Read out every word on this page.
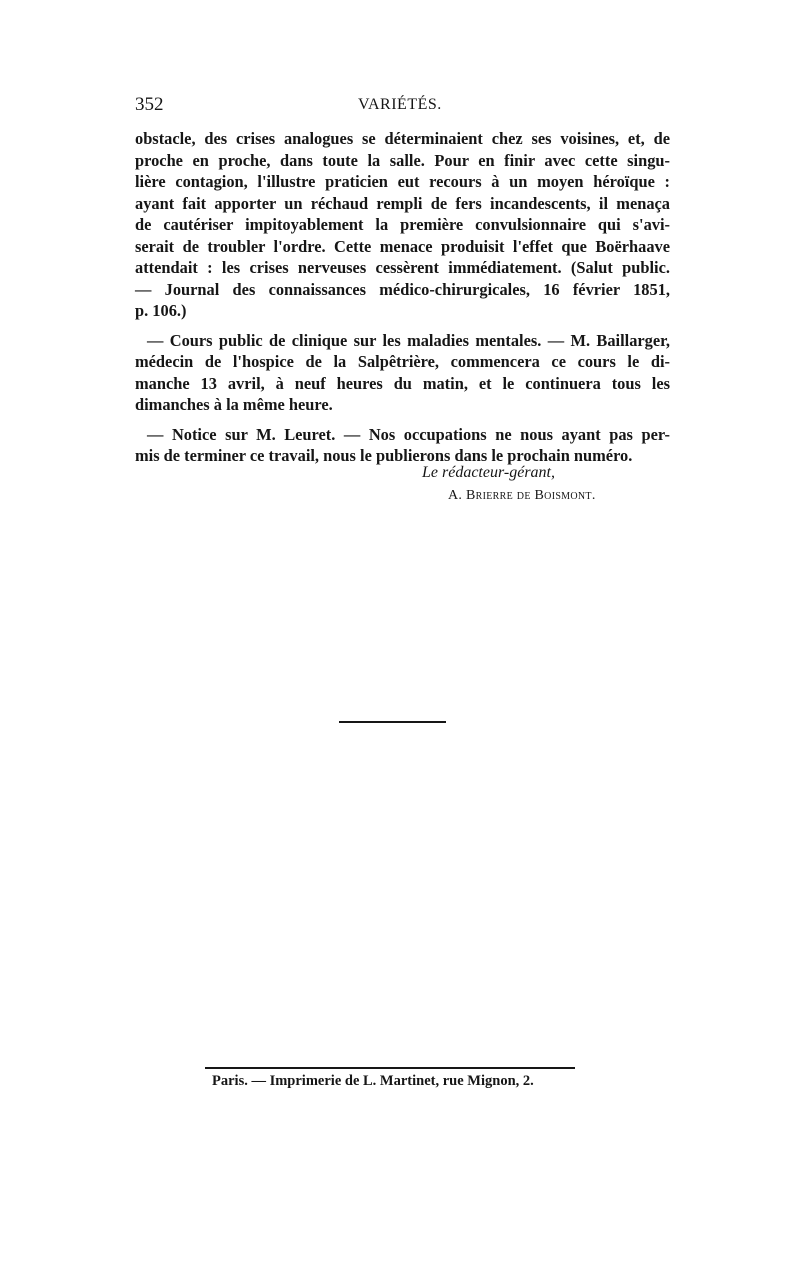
352	VARIÉTÉS.
obstacle, des crises analogues se déterminaient chez ses voisines, et, de
proche en proche, dans toute la salle. Pour en finir avec cette singu-
lière contagion, l'illustre praticien eut recours à un moyen héroïque :
ayant fait apporter un réchaud rempli de fers incandescents, il menaça
de cautériser impitoyablement la première convulsionnaire qui s'avi-
serait de troubler l'ordre. Cette menace produisit l'effet que Boërhaave
attendait : les crises nerveuses cessèrent immédiatement. (Salut public.
— Journal des connaissances médico-chirurgicales, 16 février 1851,
p. 106.)
— Cours public de clinique sur les maladies mentales. — M. Baillarger,
médecin de l'hospice de la Salpêtrière, commencera ce cours le di-
manche 13 avril, à neuf heures du matin, et le continuera tous les
dimanches à la même heure.
— Notice sur M. Leuret. — Nos occupations ne nous ayant pas per-
mis de terminer ce travail, nous le publierons dans le prochain numéro.
Le rédacteur-gérant,
A. Brierre de Boismont.
Paris. — Imprimerie de L. Martinet, rue Mignon, 2.
